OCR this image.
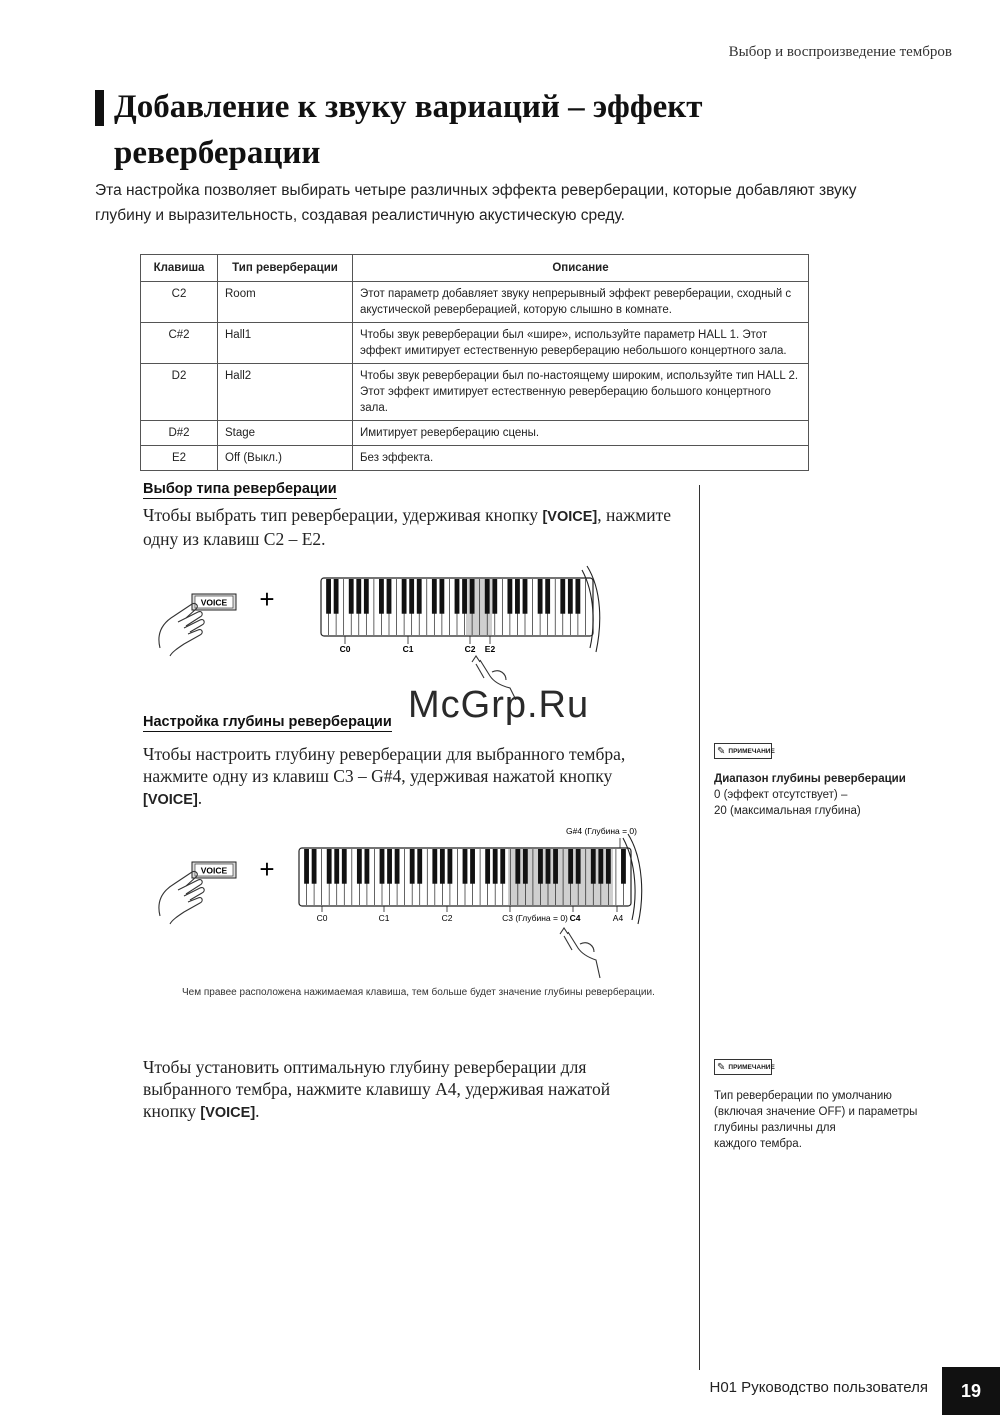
Выбор и воспроизведение тембров
Добавление к звуку вариаций – эффект реверберации
Эта настройка позволяет выбирать четыре различных эффекта реверберации, которые добавляют звуку глубину и выразительность, создавая реалистичную акустическую среду.
Клавиша	Тип реверберации	Описание
C2	Room	Этот параметр добавляет звуку непрерывный эффект реверберации, сходный с акустической реверберацией, которую слышно в комнате.
C#2	Hall1	Чтобы звук реверберации был «шире», используйте параметр HALL 1. Этот эффект имитирует естественную реверберацию небольшого концертного зала.
D2	Hall2	Чтобы звук реверберации был по-настоящему широким, используйте тип HALL 2. Этот эффект имитирует естественную реверберацию большого концертного зала.
D#2	Stage	Имитирует реверберацию сцены.
E2	Off (Выкл.)	Без эффекта.
Выбор типа реверберации
Чтобы выбрать тип реверберации, удерживая кнопку [VOICE], нажмите одну из клавиш C2 – E2.
VOICE +
C0	C1	C2 E2
McGrp.Ru
Настройка глубины реверберации
Чтобы настроить глубину реверберации для выбранного тембра, нажмите одну из клавиш C3 – G#4, удерживая нажатой кнопку [VOICE].
G#4 (Глубина = 0)
VOICE +
C0	C1	C2	C3 (Глубина = 0) C4	A4
Чем правее расположена нажимаемая клавиша, тем больше будет значение глубины реверберации.
Чтобы установить оптимальную глубину реверберации для выбранного тембра, нажмите клавишу A4, удерживая нажатой кнопку [VOICE].
✎ ПРИМЕЧАНИЕ
Диапазон глубины реверберации
0 (эффект отсутствует) –
20 (максимальная глубина)
✎ ПРИМЕЧАНИЕ
Тип реверберации по умолчанию
(включая значение OFF) и параметры
глубины различны для
каждого тембра.
H01 Руководство пользователя	19
